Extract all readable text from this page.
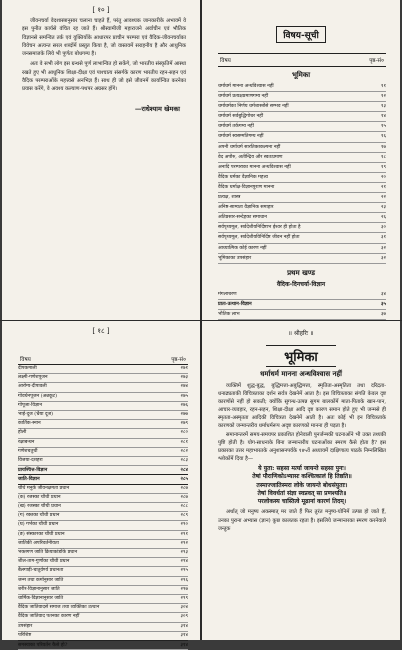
[ १० ]

जीवनचर्या वेदशास्त्रानुसार चलाना चाहते हैं, परंतु आवश्यक जानकारीके अभावमें वे इस पुनीत कार्यसे वंचित रह जाते हैं। श्रीस्वामीजी महाराजने अर्वाचीन एवं भौतिक विज्ञानसे समन्वित तर्क एवं युक्तियोंके आधारपर प्राचीन परम्परा एवं वैदिक-जीवनचर्याका विवेचन अत्यन्त सरल शब्दोंमें प्रस्तुत किया है, जो वास्तवमें सराहनीय है और आधुनिक जनसमाजके लिये भी पूर्णतः बोधगम्य है।

अतः वे सभी लोग इस ग्रन्थसे पूर्ण लाभान्वित हो सकेंगे, जो भारतीय संस्कृतिमें आस्था रखते हुए भी आधुनिक शिक्षा-दीक्षा एवं पाश्चात्य संसर्गके कारण भारतीय रहन-सहन एवं वैदिक परम्पराओंके महत्त्वसे अनभिज्ञ हैं। साथ ही जो इसे जीवनमें कार्यान्वित करनेका प्रयास करेंगे, वे अवश्य कल्याण-पथपर अग्रसर होंगे।

—राधेश्याम खेमका
विषय-सूची
विषय	पृष्ठ-सं०
भूमिका
धर्माधर्म मानना अन्धविश्वास नहीं	११
धर्माधर्म प्रत्यक्षप्रमाणगम्य नहीं	१२
धर्माधर्मका निर्णय धर्मशास्त्रोंसे सम्भव नहीं	१३
धर्माधर्म सर्वबुद्धिगोचर नहीं	१४
धर्माधर्म तर्कगम्य नहीं	१५
धर्माधर्म स्वसम्मतिगम्य नहीं	१६
अपनी धर्माधर्म सारतिक्तकल्पना नहीं	१७
वेद अपौरु, अतीन्द्रिय और स्वतःप्रमाण	१८
अनादि परम्पराका मानना अन्धविश्वास नहीं	१९
वैदिक धर्मका वैज्ञानिक महत्त्व	२०
वैदिक धर्माक्ष-विज्ञानपुराण मानना	२१
प्रत्यक्ष, शास्त्र	२२
अनिष्ट-साम्यता वैज्ञानिक समाहार	२३
अतिप्रसार-सन्देहका समाधान	२६
सर्वपृथ्यमूल, सर्वदेशीयनिर्दिष्टाभ ईश्वर ही होता है	३०
सर्वपृथ्यमूल, सर्वदेशीयविनिर्दिष्ट जीवन नहीं होता	३१
आध्यात्मिक कोई कारण नहीं	३२
भूमिकाका उपसंहार	३२
प्रथम खण्ड
वैदिक-दिनचर्या-विज्ञान
मंगलाचरण	३४
प्रातः-उत्थान-विज्ञान	३५
भौतिक लाभ	३७
[ १८ ]
विषय	पृष्ठ-सं०
दीपकमाली	२७१
लक्ष्मी-गणेशपूजन	२७३
आरोग्य-दीपावली	२७४
गोवर्धनपूजन (अन्नकूट)	२७५
गोपूजा-विज्ञान	२७६
भाई-दूज (भ्रैया दूज)	२७७
कार्तिक-स्नान	२७९
होली	२८०
रक्षाबन्धन	२८१
गणेशचतुर्थी	२८२
विजया-दशहरा	२८३
प्रायश्चित्त-विज्ञान	२८४
जाति-विज्ञान	२८५
चौथे मनुके जीवनक्षमता प्रधान	२८७
(क) रजस्का चौथी प्रधान	२८७
(ख) रजस्का चौथी प्रधान	२८८
(ग) रक्तका चौथी प्रधान	२८९
(घ) गर्भका चौथी प्रधान	२९०
(ङ) संस्कारका चौथी प्रधान	२९१
जातिकी अपरिवर्तनीयता	२९२
भक्तगण जाति क्रियाकांडोंके प्रधान	२९३
शील-ताम-गुणोंका चौथी प्रधान	२९४
बैलगाड़ी-चातुर्वर्ण्य प्रधानता	२९५
जन्म तथा कर्मानुसार जाति	२९६
शरीर-विज्ञानानुसार जाति	२९७
धार्मिक-विज्ञानानुसार जाति	२९९
वैदिक जातिवादसे समाज तथा व्यक्तिका उत्थान	३०४
वैदिक जातिवाद पतनका कारण नहीं	३०९
उपसंहार	३१४
परिशिष्ट	३१४
समस्याका परिवर्तन कैसे हो?	३१४
॥ श्रीहरिः ॥
भूमिका
धर्माधर्म मानना अन्धविश्वास नहीं

व्यक्तिमें शुद्ध-बुद्ध, बुद्धिमत्ता-अबुद्धिमत्ता, स्मृतिता-अस्मृतिता तथा दरिद्रता-धनाढ्यताकी विचित्रताका दर्शन सर्वत्र देखनेमें आता है। इस विचित्रताका संगति केवल दृष्ट कारणोंसे नहीं हो सकती; क्योंकि सुगन्ध-उत्पन्न सुगम बालकोंमें माता-पिताके खान-पान, आचार-व्यवहार, रहन-सहन, शिक्षा-दीक्षा आदि दृष्ट कारण समान होते हुए भी जन्मसे ही स्मृतता-अस्मृतता आदिकी विचित्रता देखनेमें आती है। अतः कोई भी इन विचित्रताके कारणको जन्मान्तरीय धर्माधर्मरूप अदृष्ट कारणको मानना ही पड़ता है।

समानान्तरमें समय-समयपर प्रकाशित होनेवाली पुनर्जन्मकी घटनाओंने भी उक्त तथ्यकी पुष्टि होती है। योग-साधनाके बिना जन्मान्तरीय घटनाओंका स्मरण कैसे होता है? इस प्रकारका उत्तर महाभारतके अनुशासनपर्वके १४५वें अध्यायमें दाक्षिणात्य पाठके निम्नलिखित श्लोकोंमें दिया है—

ये युता: सहसा मर्त्या जायन्ते सहसा पुनः।
तेषां पौराणिकोऽभ्यासः कश्चित्कालं हि तिष्ठति॥
तस्माज्जातिस्मरा लोके जायन्ते बोधसंयुताः।
तेषां विवर्धतां संज्ञा स्वप्नवत् सा प्रणश्यति॥
परलोकस्य चास्तित्वे मूढानां कारणं तिदम्।

अर्थात् जो मनुष्य अकस्मात् मर जाते हैं फिर तुरंत मनुष्य-योनिमें उत्पन्न हो जाते हैं, उनका पुराना अभ्यास (ज्ञान) कुछ कालतक रहता है। इसलिये जन्मान्तरका स्मरण करनेवाले जन्तुक
